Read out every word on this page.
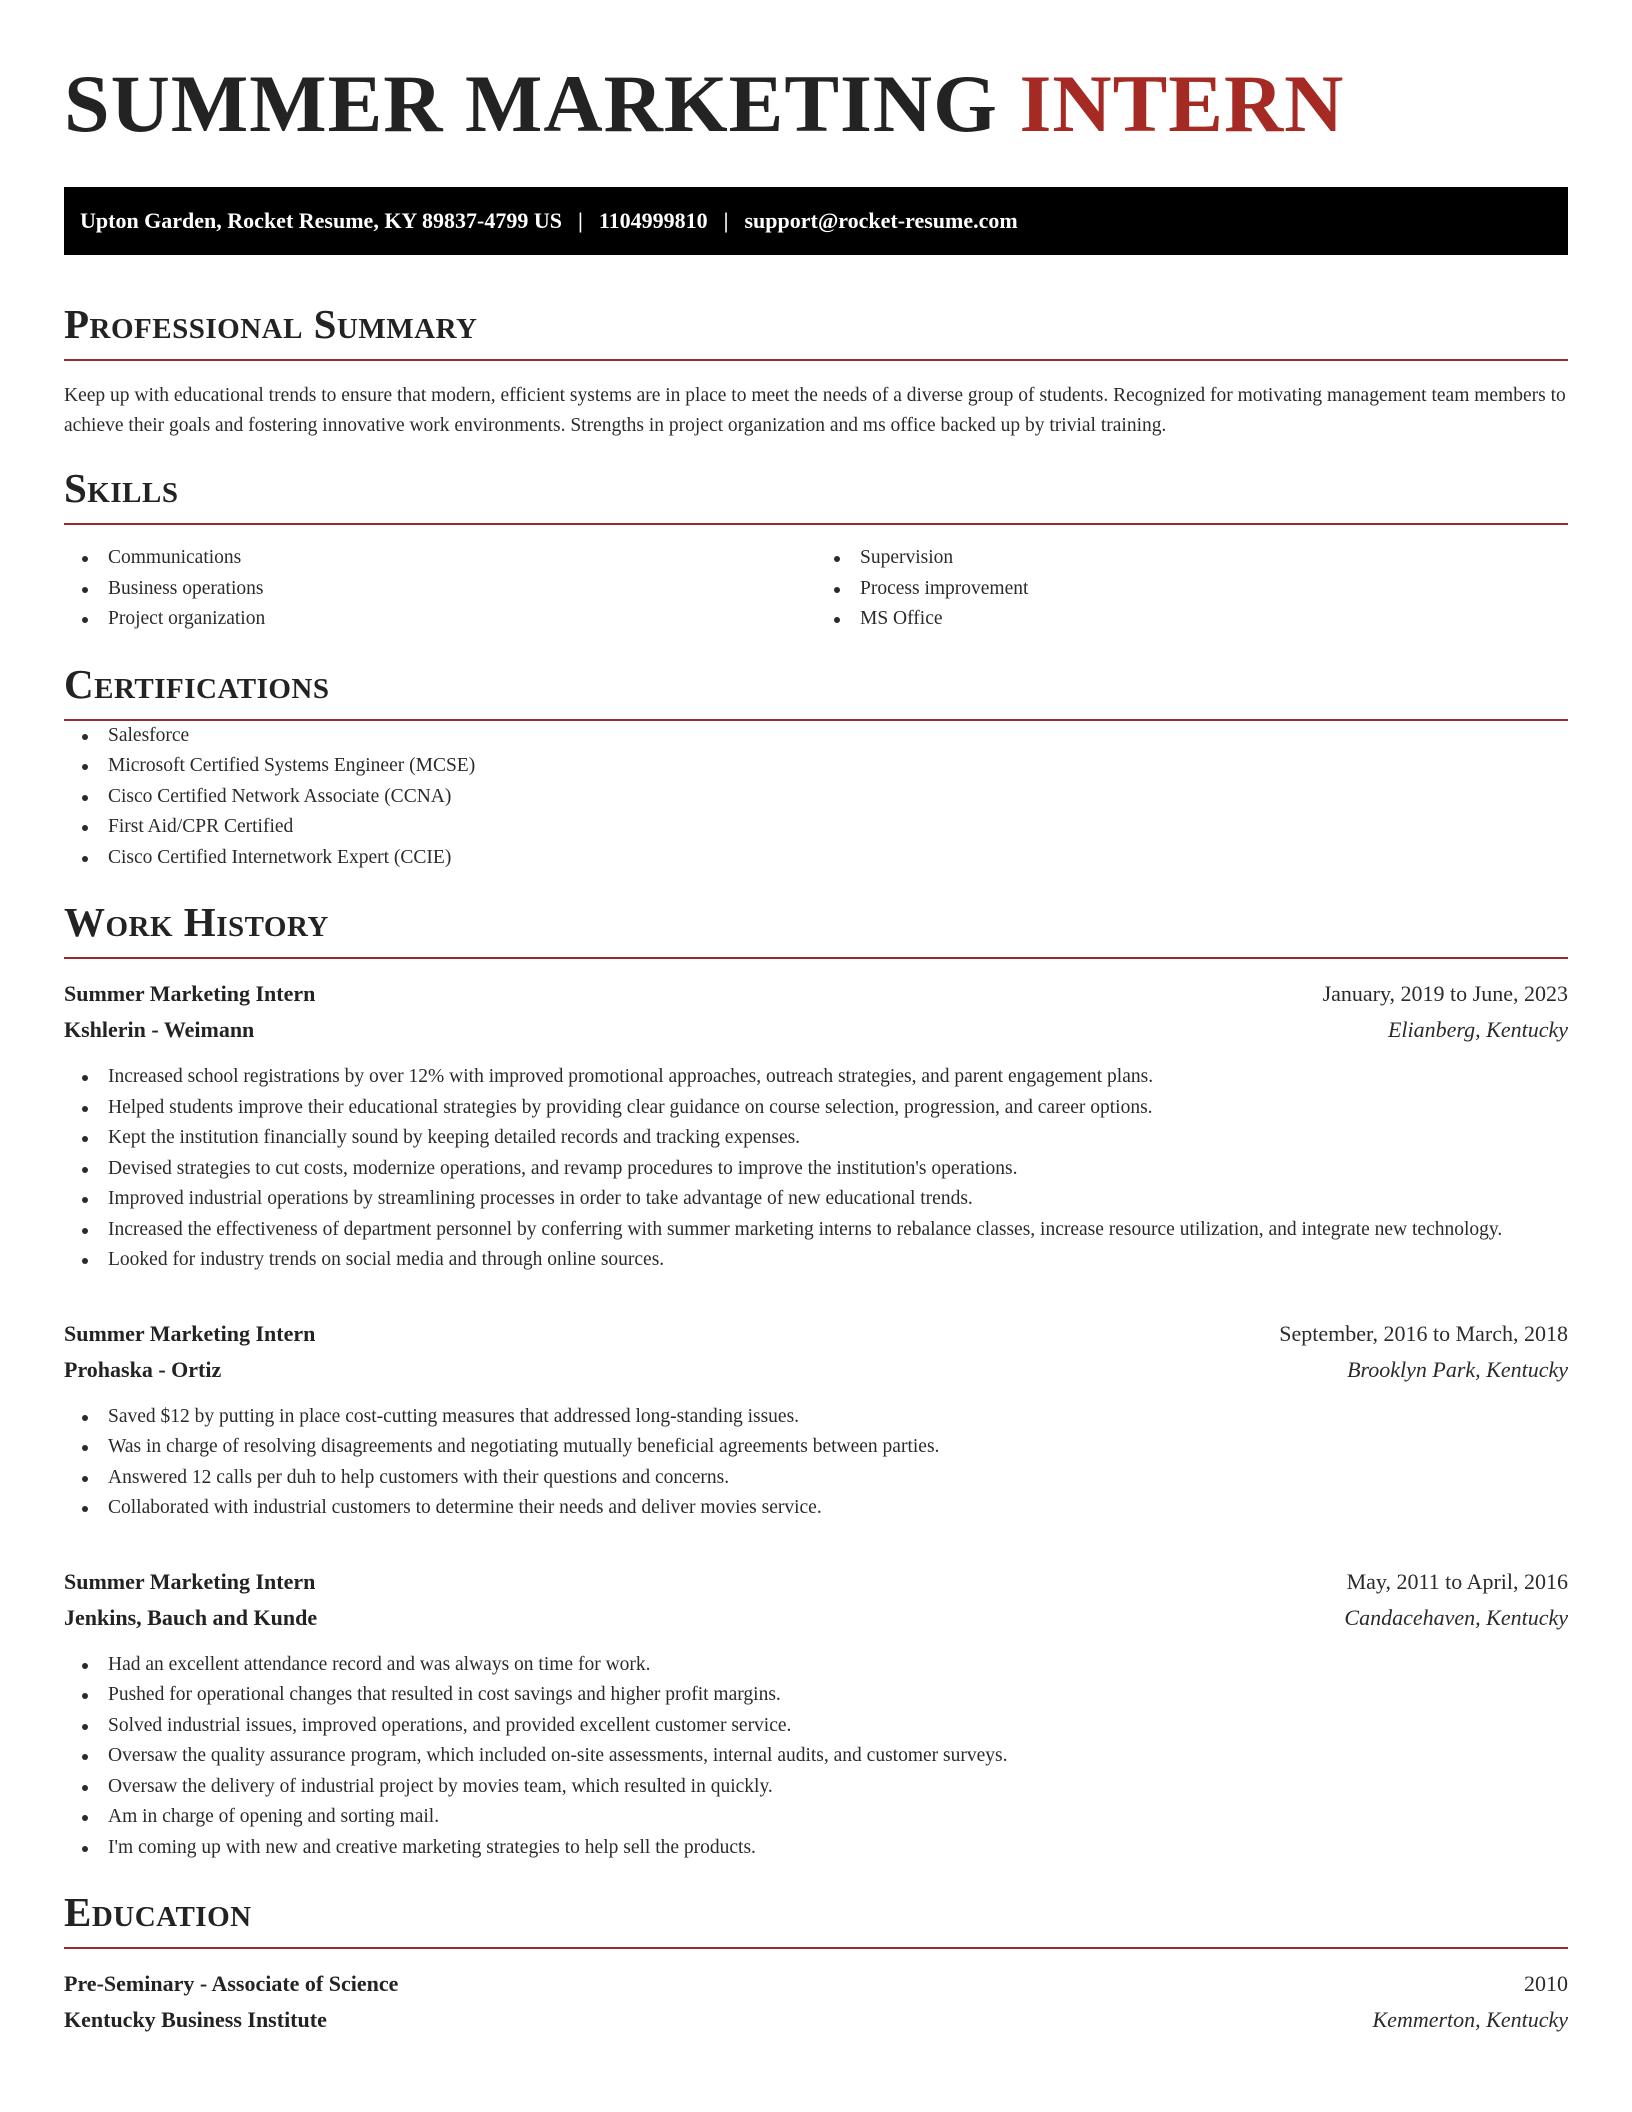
SUMMER MARKETING INTERN
Upton Garden, Rocket Resume, KY 89837-4799 US | 1104999810 | support@rocket-resume.com
Professional Summary

Keep up with educational trends to ensure that modern, efficient systems are in place to meet the needs of a diverse group of students. Recognized for motivating management team members to achieve their goals and fostering innovative work environments. Strengths in project organization and ms office backed up by trivial training.

Skills
Communications
Business operations
Project organization
Supervision
Process improvement
MS Office
Certifications
Salesforce
Microsoft Certified Systems Engineer (MCSE)
Cisco Certified Network Associate (CCNA)
First Aid/CPR Certified
Cisco Certified Internetwork Expert (CCIE)
Work History
Summer Marketing Intern	January, 2019 to June, 2023
Kshlerin - Weimann	Elianberg, Kentucky
Increased school registrations by over 12% with improved promotional approaches, outreach strategies, and parent engagement plans.
Helped students improve their educational strategies by providing clear guidance on course selection, progression, and career options.
Kept the institution financially sound by keeping detailed records and tracking expenses.
Devised strategies to cut costs, modernize operations, and revamp procedures to improve the institution's operations.
Improved industrial operations by streamlining processes in order to take advantage of new educational trends.
Increased the effectiveness of department personnel by conferring with summer marketing interns to rebalance classes, increase resource utilization, and integrate new technology.
Looked for industry trends on social media and through online sources.
Summer Marketing Intern	September, 2016 to March, 2018
Prohaska - Ortiz	Brooklyn Park, Kentucky
Saved $12 by putting in place cost-cutting measures that addressed long-standing issues.
Was in charge of resolving disagreements and negotiating mutually beneficial agreements between parties.
Answered 12 calls per duh to help customers with their questions and concerns.
Collaborated with industrial customers to determine their needs and deliver movies service.
Summer Marketing Intern	May, 2011 to April, 2016
Jenkins, Bauch and Kunde	Candacehaven, Kentucky
Had an excellent attendance record and was always on time for work.
Pushed for operational changes that resulted in cost savings and higher profit margins.
Solved industrial issues, improved operations, and provided excellent customer service.
Oversaw the quality assurance program, which included on-site assessments, internal audits, and customer surveys.
Oversaw the delivery of industrial project by movies team, which resulted in quickly.
Am in charge of opening and sorting mail.
I'm coming up with new and creative marketing strategies to help sell the products.
Education
Pre-Seminary - Associate of Science	2010
Kentucky Business Institute	Kemmerton, Kentucky
